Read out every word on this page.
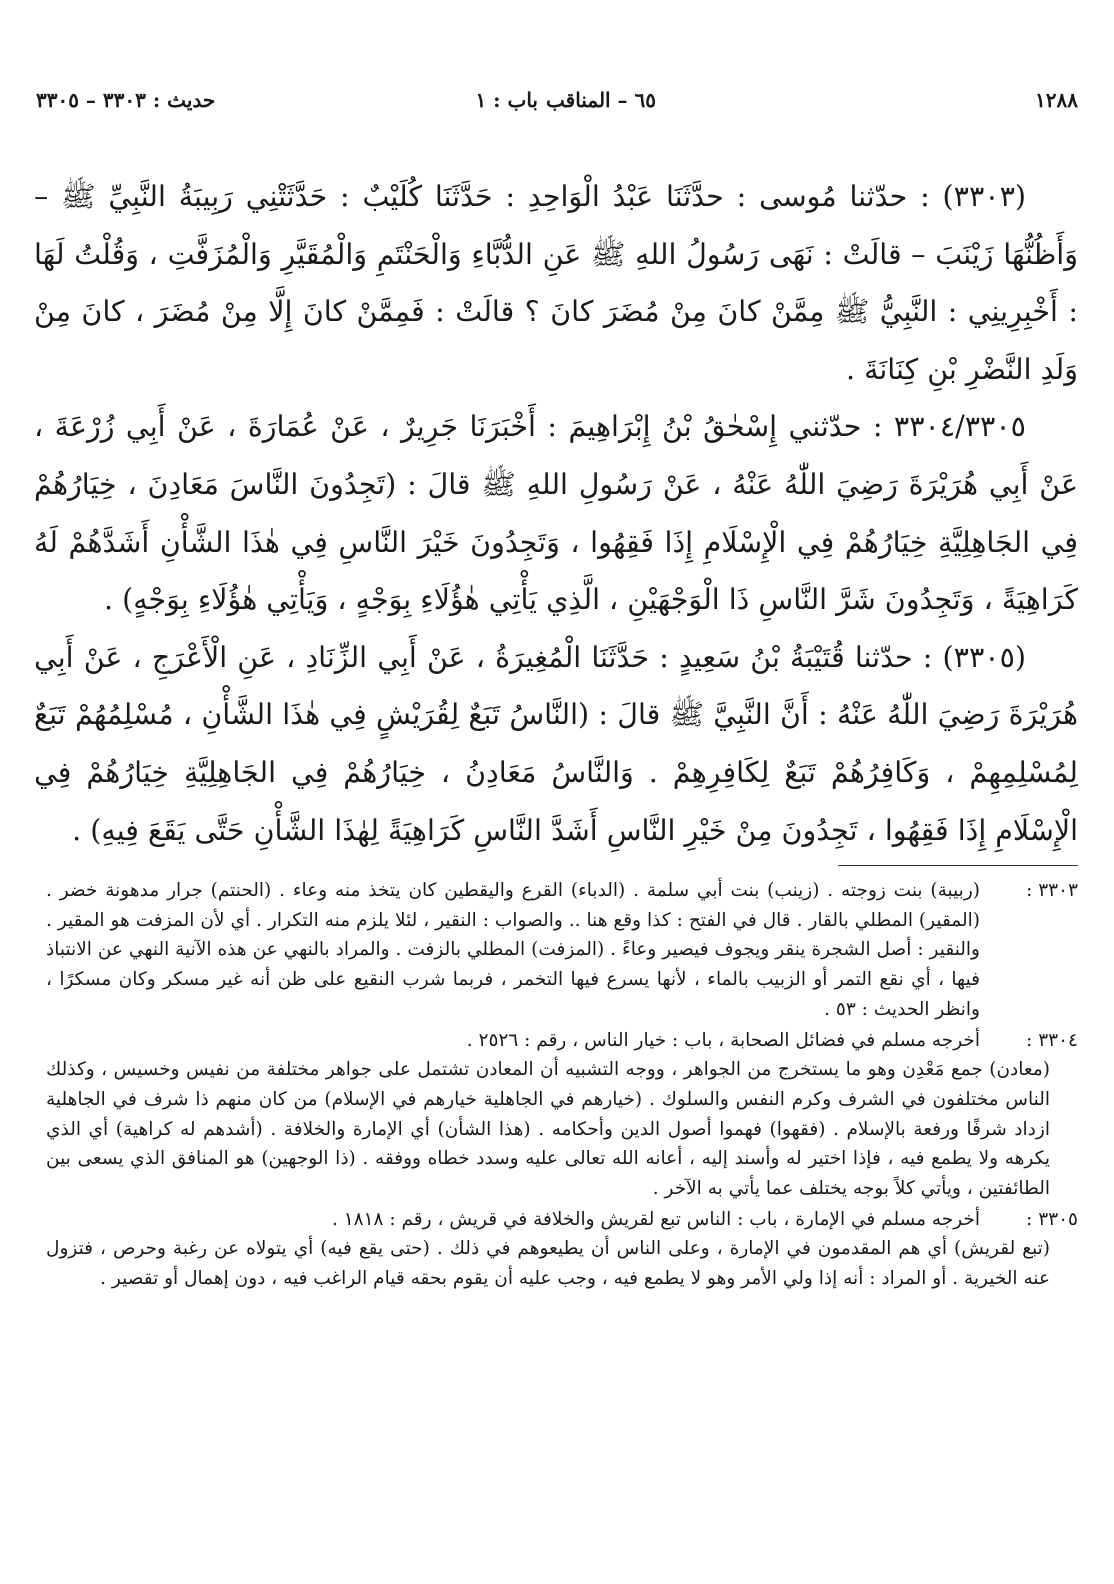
١٢٨٨
٦٥ – المناقب
باب : ١
حديث : ٣٣٠٣ – ٣٣٠٥

(٣٣٠٣) : حدّثنا مُوسى : حدَّثَنَا عَبْدُ الْوَاحِدِ : حَدَّثَنَا كُلَيْبٌ : حَدَّثَتْنِي رَبِيبَةُ النَّبِيِّ ﷺ – وَأَظُنُّهَا زَيْنَبَ – قالَتْ : نَهَى رَسُولُ اللهِ ﷺ عَنِ الدُّبَّاءِ وَالْحَنْتَمِ وَالْمُقَيَّرِ وَالْمُزَفَّتِ ، وَقُلْتُ لَهَا : أَخْبِرِينِي : النَّبِيُّ ﷺ مِمَّنْ كانَ مِنْ مُضَرَ كانَ ؟ قالَتْ : فَمِمَّنْ كانَ إِلَّا مِنْ مُضَرَ ، كانَ مِنْ وَلَدِ النَّضْرِ بْنِ كِنَانَةَ .

٣٣٠٤/٣٣٠٥ : حدّثني إِسْحٰقُ بْنُ إِبْرَاهِيمَ : أَخْبَرَنَا جَرِيرٌ ، عَنْ عُمَارَةَ ، عَنْ أَبِي زُرْعَةَ ، عَنْ أَبِي هُرَيْرَةَ رَضِيَ اللّٰهُ عَنْهُ ، عَنْ رَسُولِ اللهِ ﷺ قالَ : (تَجِدُونَ النَّاسَ مَعَادِنَ ، خِيَارُهُمْ فِي الجَاهِلِيَّةِ خِيَارُهُمْ فِي الْإِسْلَامِ إِذَا فَقِهُوا ، وَتَجِدُونَ خَيْرَ النَّاسِ فِي هٰذَا الشَّأْنِ أَشَدَّهُمْ لَهُ كَرَاهِيَةً ، وَتَجِدُونَ شَرَّ النَّاسِ ذَا الْوَجْهَيْنِ ، الَّذِي يَأْتِي هٰؤُلَاءِ بِوَجْهٍ ، وَيَأْتِي هٰؤُلَاءِ بِوَجْهٍ) .

(٣٣٠٥) : حدّثنا قُتَيْبَةُ بْنُ سَعِيدٍ : حَدَّثَنَا الْمُغِيرَةُ ، عَنْ أَبِي الزِّنَادِ ، عَنِ الْأَعْرَجِ ، عَنْ أَبِي هُرَيْرَةَ رَضِيَ اللّٰهُ عَنْهُ : أَنَّ النَّبِيَّ ﷺ قالَ : (النَّاسُ تَبَعٌ لِقُرَيْشٍ فِي هٰذَا الشَّأْنِ ، مُسْلِمُهُمْ تَبَعٌ لِمُسْلِمِهِمْ ، وَكَافِرُهُمْ تَبَعٌ لِكَافِرِهِمْ . وَالنَّاسُ مَعَادِنُ ، خِيَارُهُمْ فِي الجَاهِلِيَّةِ خِيَارُهُمْ فِي الْإِسْلَامِ إِذَا فَقِهُوا ، تَجِدُونَ مِنْ خَيْرِ النَّاسِ أَشَدَّ النَّاسِ كَرَاهِيَةً لِهٰذَا الشَّأْنِ حَتَّى يَقَعَ فِيهِ) .

٣٣٠٣ :

(ربيبة) بنت زوجته . (زينب) بنت أبي سلمة . (الدباء) القرع واليقطين كان يتخذ منه وعاء . (الحنتم) جرار مدهونة خضر . (المقير) المطلي بالقار . قال في الفتح : كذا وقع هنا .. والصواب : النقير ، لئلا يلزم منه التكرار . أي لأن المزفت هو المقير . والنقير : أصل الشجرة ينقر ويجوف فيصير وعاءً . (المزفت) المطلي بالزفت . والمراد بالنهي عن هذه الآنية النهي عن الانتباذ فيها ، أي نقع التمر أو الزبيب بالماء ، لأنها يسرع فيها التخمر ، فربما شرب النقيع على ظن أنه غير مسكر وكان مسكرًا ، وانظر الحديث : ٥٣ .

٣٣٠٤ :

أخرجه مسلم في فضائل الصحابة ، باب : خيار الناس ، رقم : ٢٥٢٦ .

(معادن) جمع مَعْدِن وهو ما يستخرج من الجواهر ، ووجه التشبيه أن المعادن تشتمل على جواهر مختلفة من نفيس وخسيس ، وكذلك الناس مختلفون في الشرف وكرم النفس والسلوك . (خيارهم في الجاهلية خيارهم في الإسلام) من كان منهم ذا شرف في الجاهلية ازداد شرفًا ورفعة بالإسلام . (فقهوا) فهموا أصول الدين وأحكامه . (هذا الشأن) أي الإمارة والخلافة . (أشدهم له كراهية) أي الذي يكرهه ولا يطمع فيه ، فإذا اختير له وأسند إليه ، أعانه الله تعالى عليه وسدد خطاه ووفقه . (ذا الوجهين) هو المنافق الذي يسعى بين الطائفتين ، ويأتي كلاً بوجه يختلف عما يأتي به الآخر .

٣٣٠٥ :

أخرجه مسلم في الإمارة ، باب : الناس تبع لقريش والخلافة في قريش ، رقم : ١٨١٨ .

(تبع لقريش) أي هم المقدمون في الإمارة ، وعلى الناس أن يطيعوهم في ذلك . (حتى يقع فيه) أي يتولاه عن رغبة وحرص ، فتزول عنه الخيرية . أو المراد : أنه إذا ولي الأمر وهو لا يطمع فيه ، وجب عليه أن يقوم بحقه قيام الراغب فيه ، دون إهمال أو تقصير .
